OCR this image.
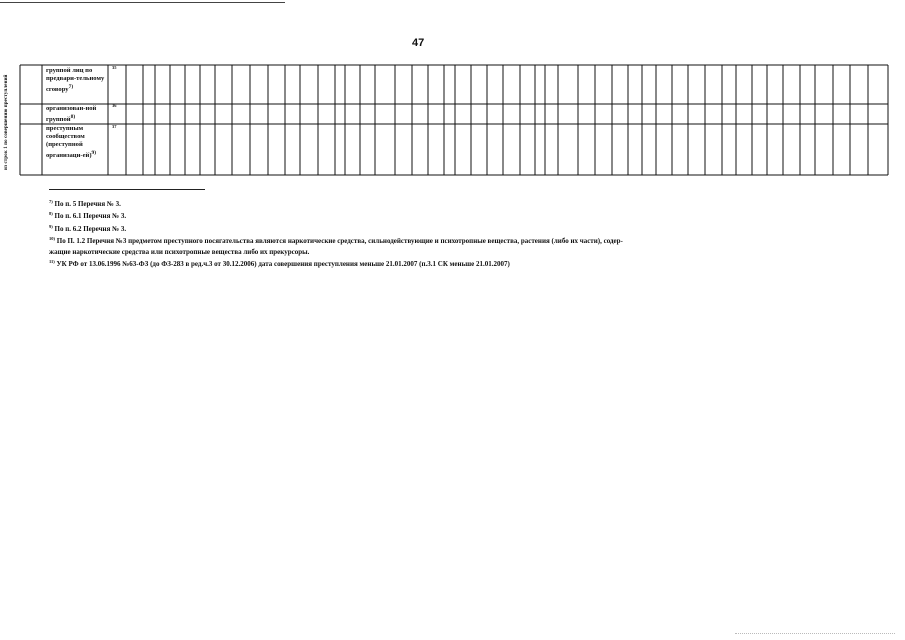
47
из строк 1 по совершению преступлений
группой лиц по предвари-тельному сговору$^{7)}$
организован-ной группой$^{8)}$
преступным сообществом (преступной организаци-ей)$^{9)}$
35
36
37
$^{7)}$ По п. 5 Перечня № 3.
$^{8)}$ По п. 6.1 Перечня № 3.
$^{9)}$ По п. 6.2 Перечня № 3.
$^{10)}$ По П. 1.2 Перечня №3 предметом преступного посягательства являются наркотические средства, сильнодействующие и психотропные вещества, растения (либо их части), содер-
жащие наркотические средства или психотропные вещества либо их прекурсоры.
$^{11)}$ УК РФ от 13.06.1996 №63-ФЗ (до ФЗ-283 в ред.ч.3 от 30.12.2006) дата совершения преступления меньше 21.01.2007 (п.3.1 СК меньше 21.01.2007)
